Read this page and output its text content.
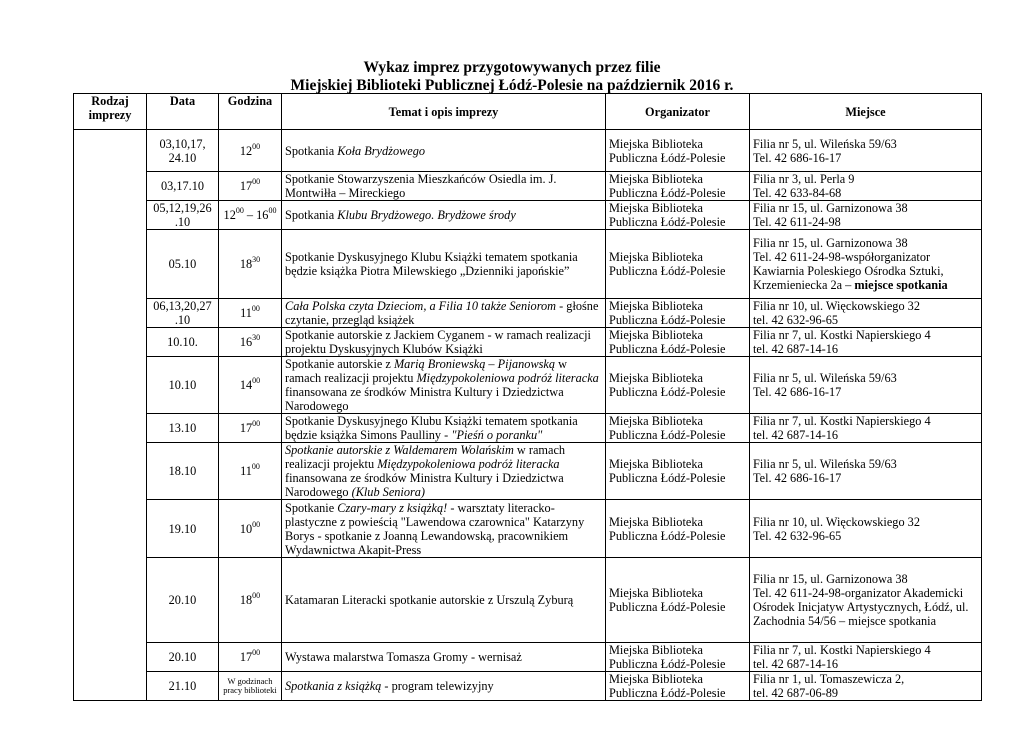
Wykaz imprez przygotowywanych przez filie
Miejskiej Biblioteki Publicznej Łódź-Polesie na październik 2016 r.
Rodzaj imprezy	Data	Godzina	Temat i opis imprezy	Organizator	Miejsce
	03,10,17, 24.10	$12^{00}$	Spotkania Koła Brydżowego	Miejska Biblioteka
Publiczna Łódź-Polesie	Filia nr 5, ul. Wileńska 59/63
Tel. 42 686-16-17
	03,17.10	$17^{00}$	Spotkanie Stowarzyszenia Mieszkańców Osiedla im. J. Montwiłła – Mireckiego	Miejska Biblioteka
Publiczna Łódź-Polesie	Filia nr 3, ul. Perla 9
Tel. 42 633-84-68
	05,12,19,26 .10	$12^{00} - 16^{00}$	Spotkania Klubu Brydżowego. Brydżowe środy	Miejska Biblioteka
Publiczna Łódź-Polesie	Filia nr 15, ul. Garnizonowa 38
Tel. 42 611-24-98
	05.10	$18^{30}$	Spotkanie Dyskusyjnego Klubu Książki tematem spotkania będzie książka Piotra Milewskiego „Dzienniki japońskie”	Miejska Biblioteka
Publiczna Łódź-Polesie	Filia nr 15, ul. Garnizonowa 38
Tel. 42 611-24-98-współorganizator Kawiarnia Poleskiego Ośrodka Sztuki, Krzemieniecka 2a – miejsce spotkania
	06,13,20,27 .10	$11^{00}$	Cała Polska czyta Dzieciom, a Filia 10 także Seniorom - głośne czytanie, przegląd książek	Miejska Biblioteka
Publiczna Łódź-Polesie	Filia nr 10, ul. Więckowskiego 32
tel. 42 632-96-65
	10.10.	$16^{30}$	Spotkanie autorskie z Jackiem Cyganem - w ramach realizacji projektu Dyskusyjnych Klubów Książki	Miejska Biblioteka
Publiczna Łódź-Polesie	Filia nr 7, ul. Kostki Napierskiego 4
tel. 42 687-14-16
	10.10	$14^{00}$	Spotkanie autorskie z Marią Broniewską – Pijanowską w ramach realizacji projektu Międzypokoleniowa podróż literacka finansowana ze środków Ministra Kultury i Dziedzictwa Narodowego	Miejska Biblioteka
Publiczna Łódź-Polesie	Filia nr 5, ul. Wileńska 59/63
Tel. 42 686-16-17
	13.10	$17^{00}$	Spotkanie Dyskusyjnego Klubu Książki tematem spotkania będzie książka Simons Paulliny - "Pieśń o poranku"	Miejska Biblioteka
Publiczna Łódź-Polesie	Filia nr 7, ul. Kostki Napierskiego 4
tel. 42 687-14-16
	18.10	$11^{00}$	Spotkanie autorskie z Waldemarem Wolańskim w ramach realizacji projektu Międzypokoleniowa podróż literacka finansowana ze środków Ministra Kultury i Dziedzictwa Narodowego (Klub Seniora)	Miejska Biblioteka
Publiczna Łódź-Polesie	Filia nr 5, ul. Wileńska 59/63
Tel. 42 686-16-17
	19.10	$10^{00}$	Spotkanie Czary-mary z książką! - warsztaty literacko-plastyczne z powieścią "Lawendowa czarownica" Katarzyny Borys - spotkanie z Joanną Lewandowską, pracownikiem Wydawnictwa Akapit-Press	Miejska Biblioteka
Publiczna Łódź-Polesie	Filia nr 10, ul. Więckowskiego 32
Tel. 42 632-96-65
	20.10	$18^{00}$	Katamaran Literacki spotkanie autorskie z Urszulą Zyburą	Miejska Biblioteka
Publiczna Łódź-Polesie	Filia nr 15, ul. Garnizonowa 38
Tel. 42 611-24-98-organizator Akademicki Ośrodek Inicjatyw Artystycznych, Łódź, ul. Zachodnia 54/56 – miejsce spotkania
	20.10	$17^{00}$	Wystawa malarstwa Tomasza Gromy - wernisaż	Miejska Biblioteka
Publiczna Łódź-Polesie	Filia nr 7, ul. Kostki Napierskiego 4
tel. 42 687-14-16
	21.10	W godzinach pracy biblioteki	Spotkania z książką - program telewizyjny	Miejska Biblioteka
Publiczna Łódź-Polesie	Filia nr 1, ul. Tomaszewicza 2,
tel. 42 687-06-89
